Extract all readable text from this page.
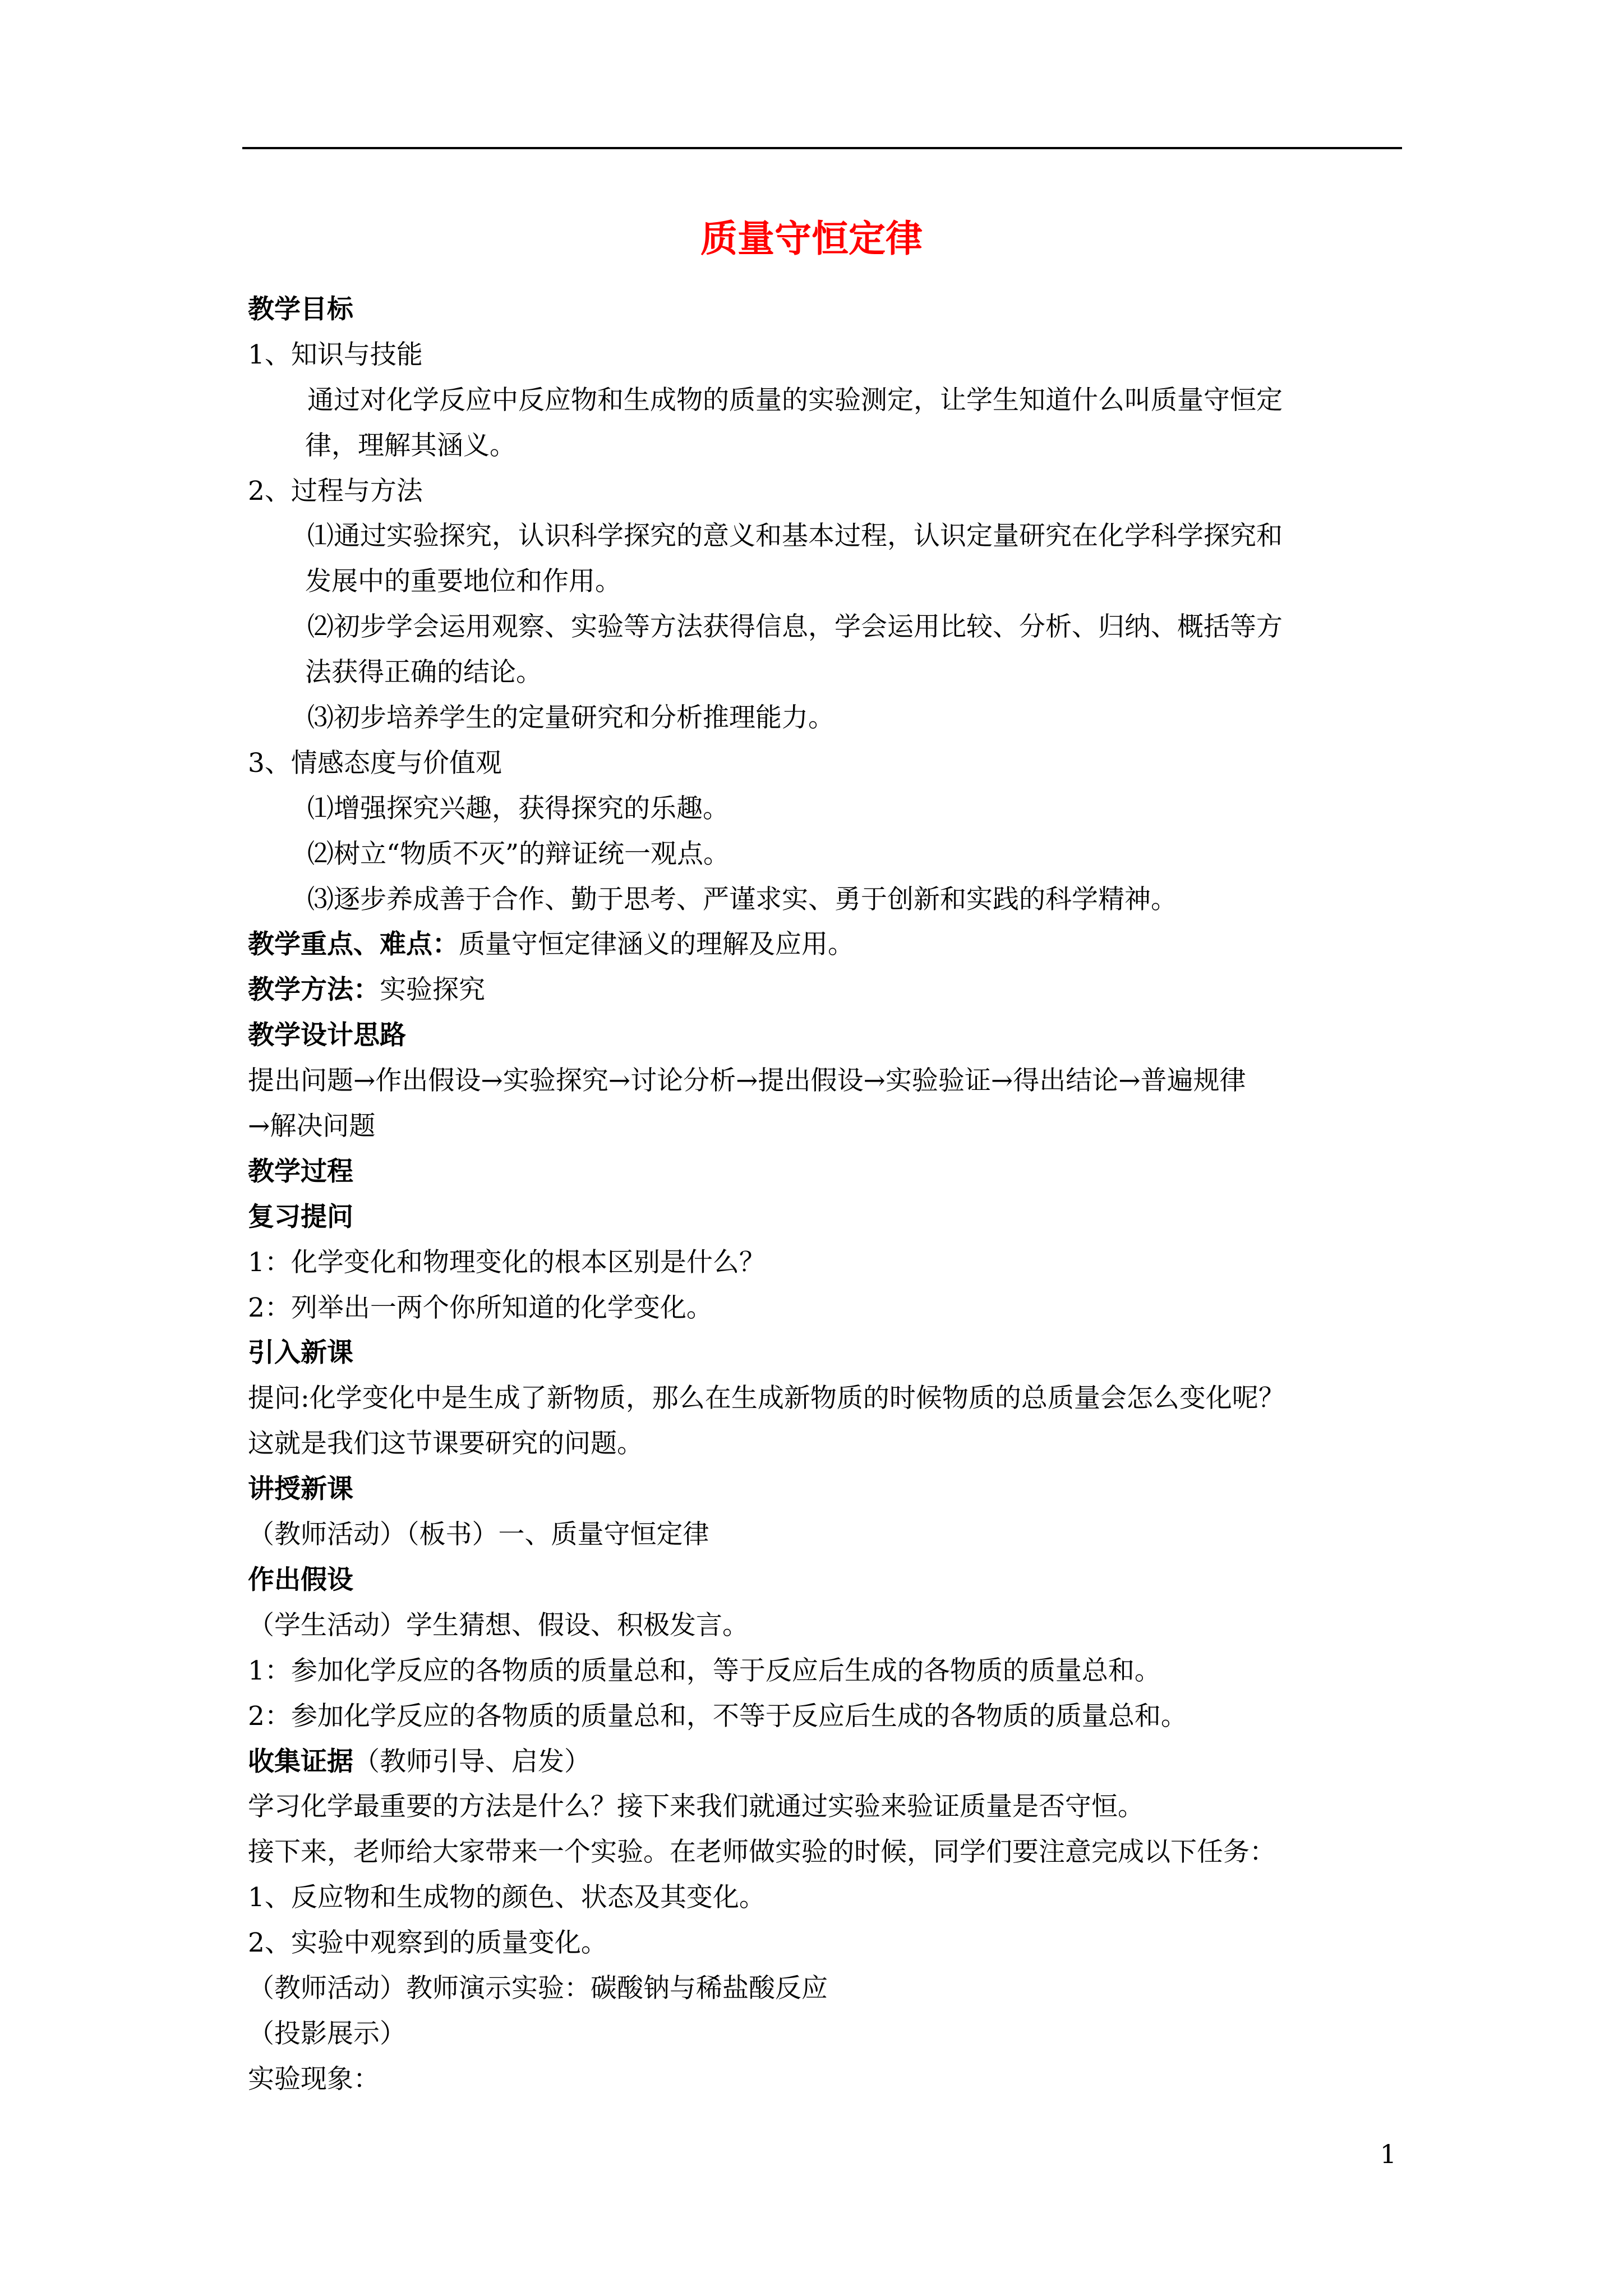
质量守恒定律
教学目标
1、知识与技能
通过对化学反应中反应物和生成物的质量的实验测定，让学生知道什么叫质量守恒定
律，理解其涵义。
2、过程与方法
⑴通过实验探究，认识科学探究的意义和基本过程，认识定量研究在化学科学探究和
发展中的重要地位和作用。
⑵初步学会运用观察、实验等方法获得信息，学会运用比较、分析、归纳、概括等方
法获得正确的结论。
⑶初步培养学生的定量研究和分析推理能力。
3、情感态度与价值观
⑴增强探究兴趣，获得探究的乐趣。
⑵树立“物质不灭”的辩证统一观点。
⑶逐步养成善于合作、勤于思考、严谨求实、勇于创新和实践的科学精神。
教学重点、难点：质量守恒定律涵义的理解及应用。
教学方法：实验探究
教学设计思路
提出问题→作出假设→实验探究→讨论分析→提出假设→实验验证→得出结论→普遍规律
→解决问题
教学过程
复习提问
1：化学变化和物理变化的根本区别是什么？
2：列举出一两个你所知道的化学变化。
引入新课
提问:化学变化中是生成了新物质，那么在生成新物质的时候物质的总质量会怎么变化呢？
这就是我们这节课要研究的问题。
讲授新课
（教师活动）（板书）一、质量守恒定律
作出假设
（学生活动）学生猜想、假设、积极发言。
1：参加化学反应的各物质的质量总和，等于反应后生成的各物质的质量总和。
2：参加化学反应的各物质的质量总和，不等于反应后生成的各物质的质量总和。
收集证据（教师引导、启发）
学习化学最重要的方法是什么？接下来我们就通过实验来验证质量是否守恒。
接下来，老师给大家带来一个实验。在老师做实验的时候，同学们要注意完成以下任务：
1、反应物和生成物的颜色、状态及其变化。
2、实验中观察到的质量变化。
（教师活动）教师演示实验：碳酸钠与稀盐酸反应
（投影展示）
实验现象：
1
